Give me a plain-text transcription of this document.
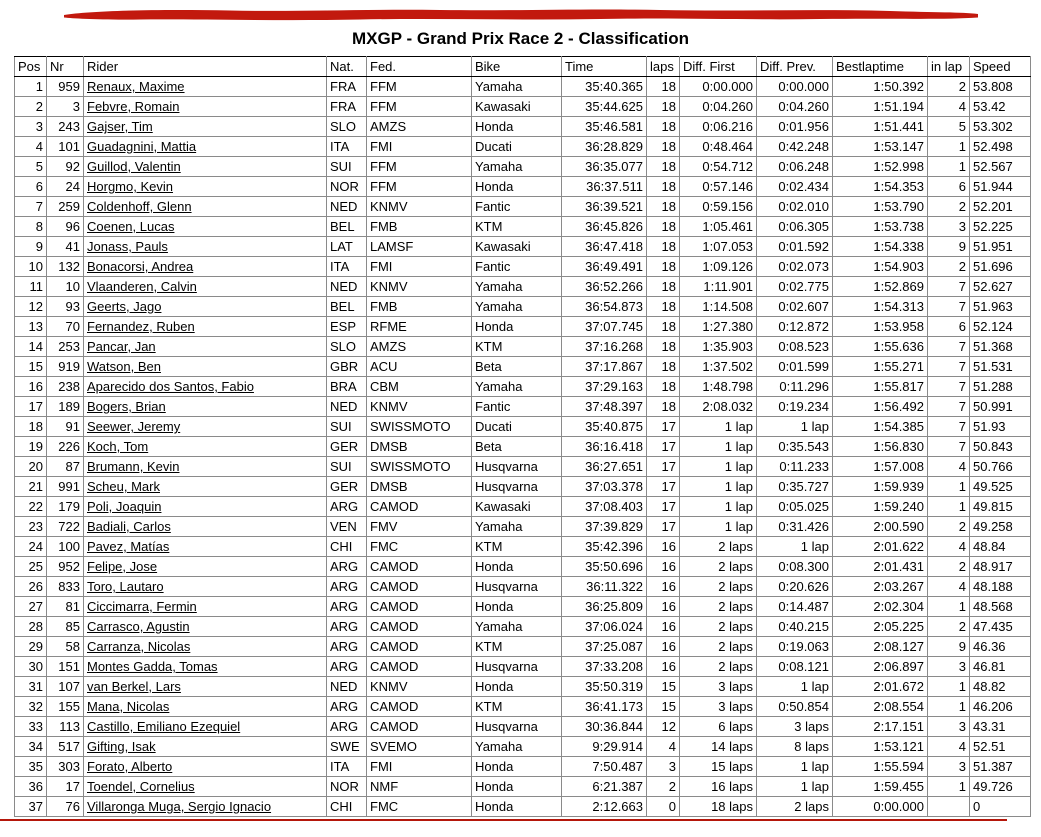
MXGP - Grand Prix Race 2 - Classification
Pos	Nr	Rider	Nat.	Fed.	Bike	Time	laps	Diff. First	Diff. Prev.	Bestlaptime	in lap	Speed
1	959	Renaux, Maxime	FRA	FFM	Yamaha	35:40.365	18	0:00.000	0:00.000	1:50.392	2	53.808
2	3	Febvre, Romain	FRA	FFM	Kawasaki	35:44.625	18	0:04.260	0:04.260	1:51.194	4	53.42
3	243	Gajser, Tim	SLO	AMZS	Honda	35:46.581	18	0:06.216	0:01.956	1:51.441	5	53.302
4	101	Guadagnini, Mattia	ITA	FMI	Ducati	36:28.829	18	0:48.464	0:42.248	1:53.147	1	52.498
5	92	Guillod, Valentin	SUI	FFM	Yamaha	36:35.077	18	0:54.712	0:06.248	1:52.998	1	52.567
6	24	Horgmo, Kevin	NOR	FFM	Honda	36:37.511	18	0:57.146	0:02.434	1:54.353	6	51.944
7	259	Coldenhoff, Glenn	NED	KNMV	Fantic	36:39.521	18	0:59.156	0:02.010	1:53.790	2	52.201
8	96	Coenen, Lucas	BEL	FMB	KTM	36:45.826	18	1:05.461	0:06.305	1:53.738	3	52.225
9	41	Jonass, Pauls	LAT	LAMSF	Kawasaki	36:47.418	18	1:07.053	0:01.592	1:54.338	9	51.951
10	132	Bonacorsi, Andrea	ITA	FMI	Fantic	36:49.491	18	1:09.126	0:02.073	1:54.903	2	51.696
11	10	Vlaanderen, Calvin	NED	KNMV	Yamaha	36:52.266	18	1:11.901	0:02.775	1:52.869	7	52.627
12	93	Geerts, Jago	BEL	FMB	Yamaha	36:54.873	18	1:14.508	0:02.607	1:54.313	7	51.963
13	70	Fernandez, Ruben	ESP	RFME	Honda	37:07.745	18	1:27.380	0:12.872	1:53.958	6	52.124
14	253	Pancar, Jan	SLO	AMZS	KTM	37:16.268	18	1:35.903	0:08.523	1:55.636	7	51.368
15	919	Watson, Ben	GBR	ACU	Beta	37:17.867	18	1:37.502	0:01.599	1:55.271	7	51.531
16	238	Aparecido dos Santos, Fabio	BRA	CBM	Yamaha	37:29.163	18	1:48.798	0:11.296	1:55.817	7	51.288
17	189	Bogers, Brian	NED	KNMV	Fantic	37:48.397	18	2:08.032	0:19.234	1:56.492	7	50.991
18	91	Seewer, Jeremy	SUI	SWISSMOTO	Ducati	35:40.875	17	1 lap	1 lap	1:54.385	7	51.93
19	226	Koch, Tom	GER	DMSB	Beta	36:16.418	17	1 lap	0:35.543	1:56.830	7	50.843
20	87	Brumann, Kevin	SUI	SWISSMOTO	Husqvarna	36:27.651	17	1 lap	0:11.233	1:57.008	4	50.766
21	991	Scheu, Mark	GER	DMSB	Husqvarna	37:03.378	17	1 lap	0:35.727	1:59.939	1	49.525
22	179	Poli, Joaquin	ARG	CAMOD	Kawasaki	37:08.403	17	1 lap	0:05.025	1:59.240	1	49.815
23	722	Badiali, Carlos	VEN	FMV	Yamaha	37:39.829	17	1 lap	0:31.426	2:00.590	2	49.258
24	100	Pavez, Matías	CHI	FMC	KTM	35:42.396	16	2 laps	1 lap	2:01.622	4	48.84
25	952	Felipe, Jose	ARG	CAMOD	Honda	35:50.696	16	2 laps	0:08.300	2:01.431	2	48.917
26	833	Toro, Lautaro	ARG	CAMOD	Husqvarna	36:11.322	16	2 laps	0:20.626	2:03.267	4	48.188
27	81	Ciccimarra, Fermin	ARG	CAMOD	Honda	36:25.809	16	2 laps	0:14.487	2:02.304	1	48.568
28	85	Carrasco, Agustin	ARG	CAMOD	Yamaha	37:06.024	16	2 laps	0:40.215	2:05.225	2	47.435
29	58	Carranza, Nicolas	ARG	CAMOD	KTM	37:25.087	16	2 laps	0:19.063	2:08.127	9	46.36
30	151	Montes Gadda, Tomas	ARG	CAMOD	Husqvarna	37:33.208	16	2 laps	0:08.121	2:06.897	3	46.81
31	107	van Berkel, Lars	NED	KNMV	Honda	35:50.319	15	3 laps	1 lap	2:01.672	1	48.82
32	155	Mana, Nicolas	ARG	CAMOD	KTM	36:41.173	15	3 laps	0:50.854	2:08.554	1	46.206
33	113	Castillo, Emiliano Ezequiel	ARG	CAMOD	Husqvarna	30:36.844	12	6 laps	3 laps	2:17.151	3	43.31
34	517	Gifting, Isak	SWE	SVEMO	Yamaha	9:29.914	4	14 laps	8 laps	1:53.121	4	52.51
35	303	Forato, Alberto	ITA	FMI	Honda	7:50.487	3	15 laps	1 lap	1:55.594	3	51.387
36	17	Toendel, Cornelius	NOR	NMF	Honda	6:21.387	2	16 laps	1 lap	1:59.455	1	49.726
37	76	Villaronga Muga, Sergio Ignacio	CHI	FMC	Honda	2:12.663	0	18 laps	2 laps	0:00.000		0
